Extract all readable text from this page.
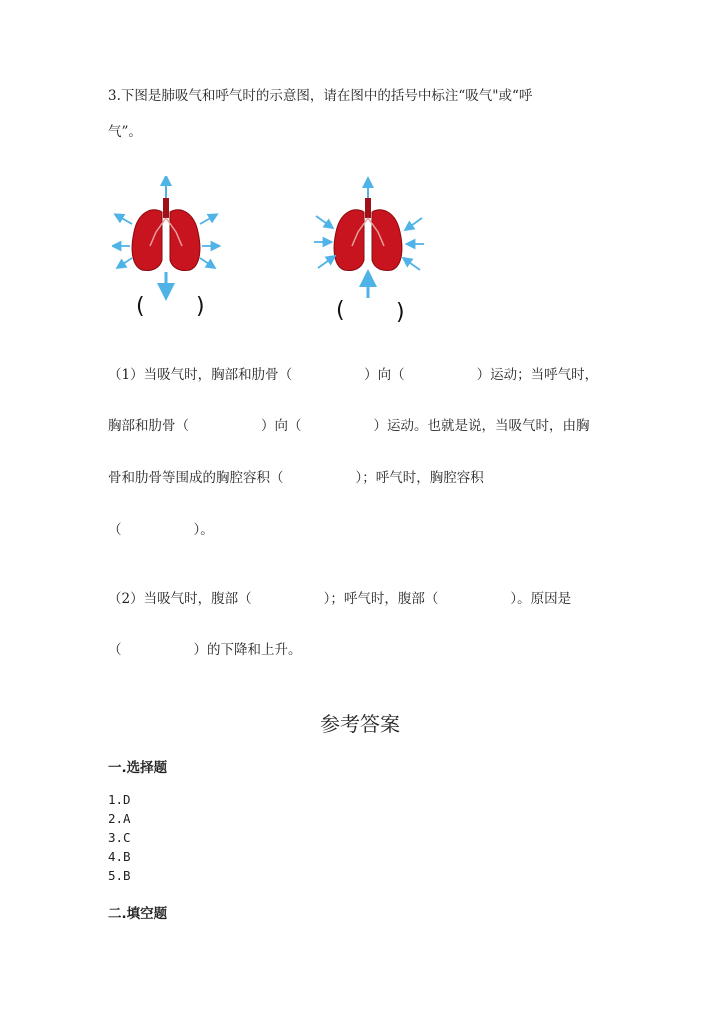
3.下图是肺吸气和呼气时的示意图，请在图中的括号中标注“吸气"或“呼
气”。
( )	( )
（1）当吸气时，胸部和肋骨（	）向（	）运动；当呼气时，
胸部和肋骨（	）向（	）运动。也就是说，当吸气时，由胸
骨和肋骨等围成的胸腔容积（	）；呼气时，胸腔容积
（	）。
（2）当吸气时，腹部（	）；呼气时，腹部（	）。原因是
（	）的下降和上升。
参考答案
一.选择题
1.D
2.A
3.C
4.B
5.B
二.填空题
